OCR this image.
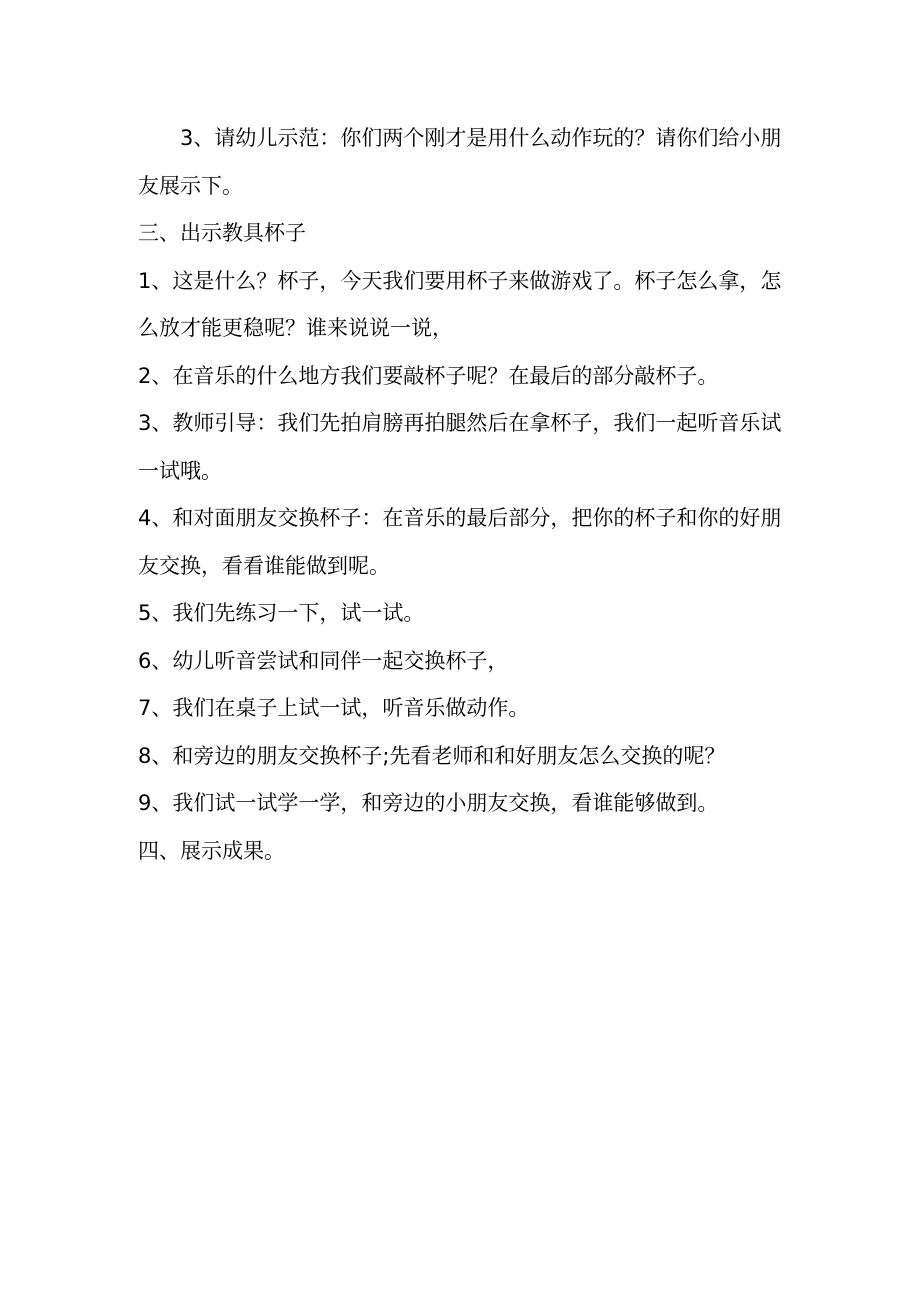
3、请幼儿示范：你们两个刚才是用什么动作玩的？请你们给小朋友展示下。

三、出示教具杯子

1、这是什么？杯子，今天我们要用杯子来做游戏了。杯子怎么拿，怎么放才能更稳呢？谁来说说一说，

2、在音乐的什么地方我们要敲杯子呢？在最后的部分敲杯子。

3、教师引导：我们先拍肩膀再拍腿然后在拿杯子，我们一起听音乐试一试哦。

4、和对面朋友交换杯子：在音乐的最后部分，把你的杯子和你的好朋友交换，看看谁能做到呢。

5、我们先练习一下，试一试。

6、幼儿听音尝试和同伴一起交换杯子，

7、我们在桌子上试一试，听音乐做动作。

8、和旁边的朋友交换杯子;先看老师和和好朋友怎么交换的呢？

9、我们试一试学一学，和旁边的小朋友交换，看谁能够做到。

四、展示成果。
